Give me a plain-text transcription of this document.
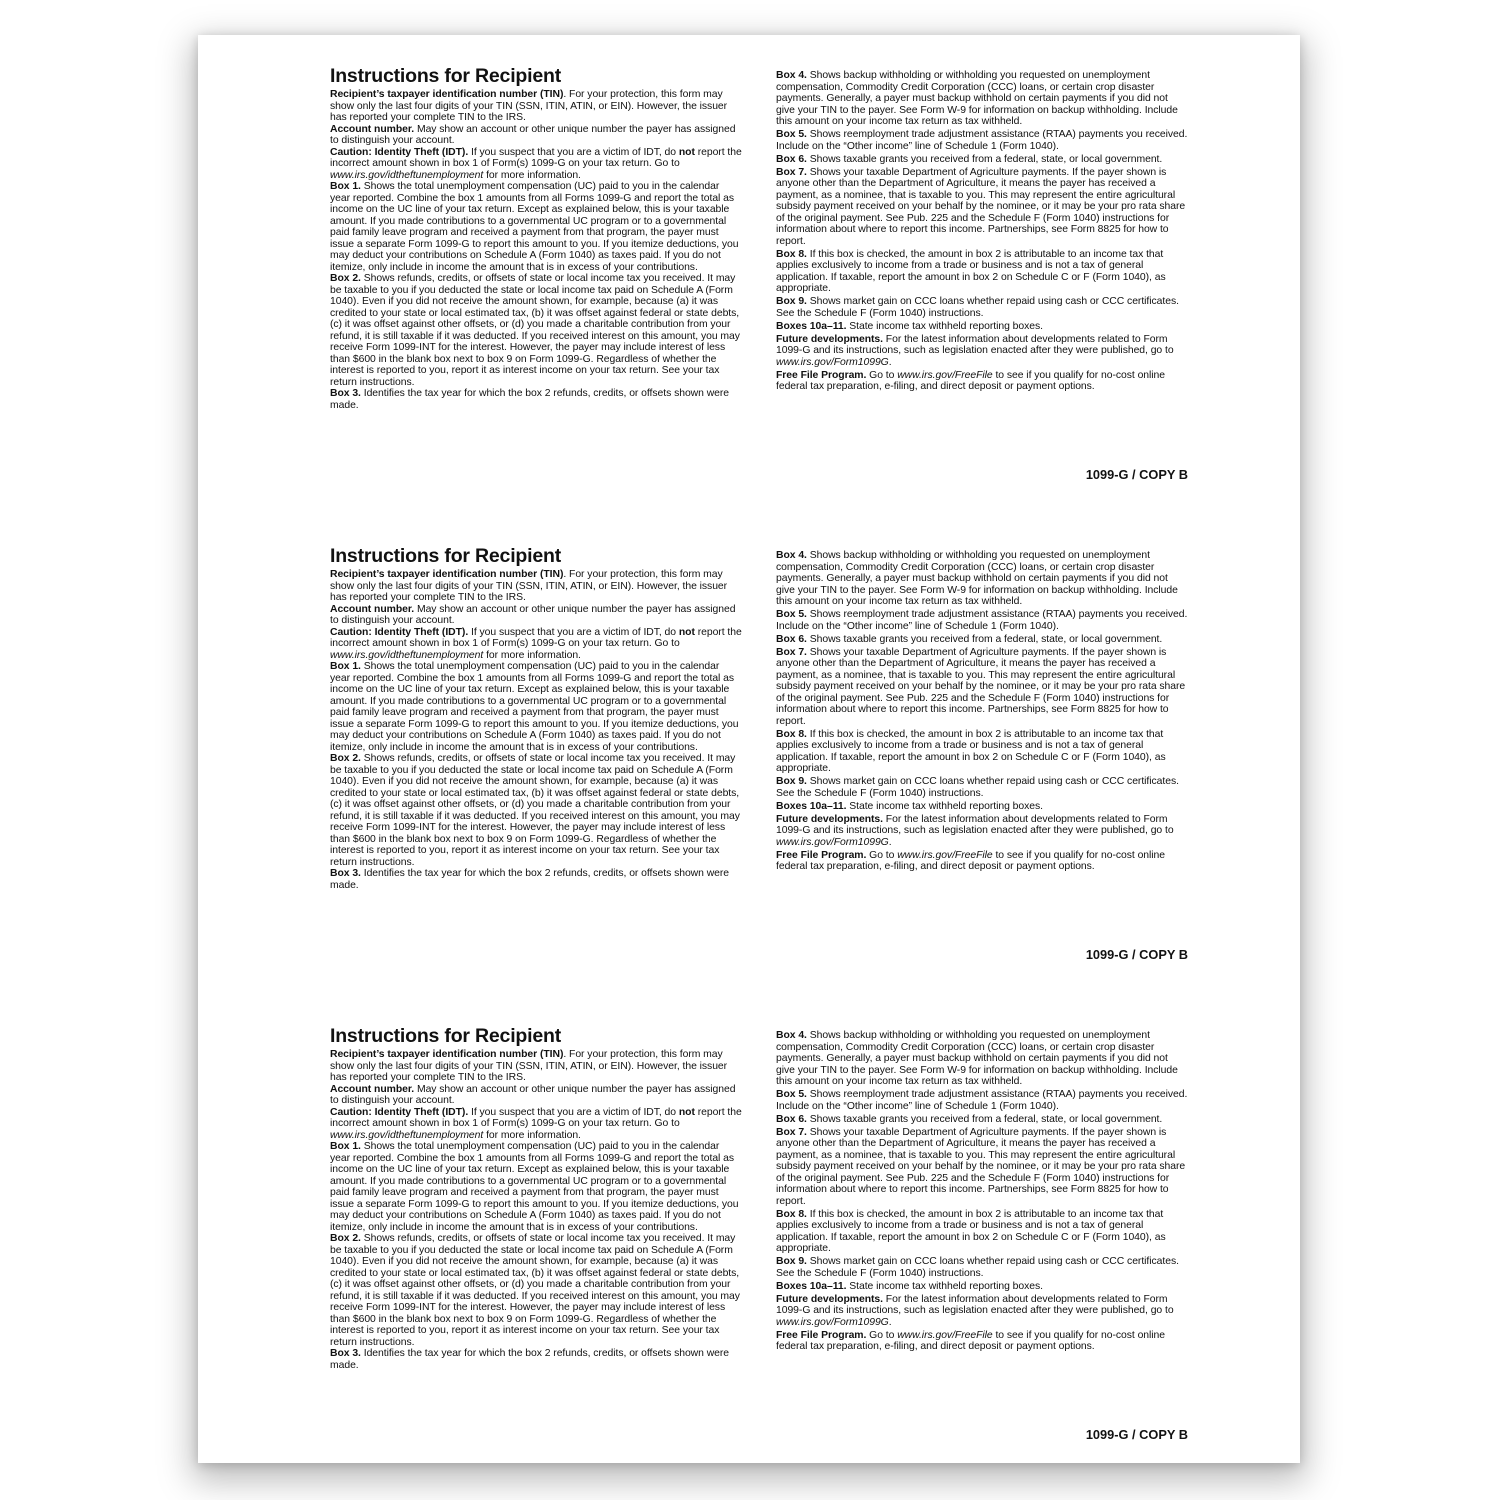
Instructions for Recipient

Recipient’s taxpayer identification number (TIN). For your protection, this form may show only the last four digits of your TIN (SSN, ITIN, ATIN, or EIN). However, the issuer has reported your complete TIN to the IRS.

Account number. May show an account or other unique number the payer has assigned to distinguish your account.

Caution: Identity Theft (IDT). If you suspect that you are a victim of IDT, do not report the incorrect amount shown in box 1 of Form(s) 1099-G on your tax return. Go to www.irs.gov/idtheftunemployment for more information.

Box 1. Shows the total unemployment compensation (UC) paid to you in the calendar year reported. Combine the box 1 amounts from all Forms 1099-G and report the total as income on the UC line of your tax return. Except as explained below, this is your taxable amount. If you made contributions to a governmental UC program or to a governmental paid family leave program and received a payment from that program, the payer must issue a separate Form 1099-G to report this amount to you. If you itemize deductions, you may deduct your contributions on Schedule A (Form 1040) as taxes paid. If you do not itemize, only include in income the amount that is in excess of your contributions.

Box 2. Shows refunds, credits, or offsets of state or local income tax you received. It may be taxable to you if you deducted the state or local income tax paid on Schedule A (Form 1040). Even if you did not receive the amount shown, for example, because (a) it was credited to your state or local estimated tax, (b) it was offset against federal or state debts, (c) it was offset against other offsets, or (d) you made a charitable contribution from your refund, it is still taxable if it was deducted. If you received interest on this amount, you may receive Form 1099-INT for the interest. However, the payer may include interest of less than $600 in the blank box next to box 9 on Form 1099-G. Regardless of whether the interest is reported to you, report it as interest income on your tax return. See your tax return instructions.

Box 3. Identifies the tax year for which the box 2 refunds, credits, or offsets shown were made.

Box 4. Shows backup withholding or withholding you requested on unemployment compensation, Commodity Credit Corporation (CCC) loans, or certain crop disaster payments. Generally, a payer must backup withhold on certain payments if you did not give your TIN to the payer. See Form W-9 for information on backup withholding. Include this amount on your income tax return as tax withheld.

Box 5. Shows reemployment trade adjustment assistance (RTAA) payments you received. Include on the “Other income” line of Schedule 1 (Form 1040).

Box 6. Shows taxable grants you received from a federal, state, or local government.

Box 7. Shows your taxable Department of Agriculture payments. If the payer shown is anyone other than the Department of Agriculture, it means the payer has received a payment, as a nominee, that is taxable to you. This may represent the entire agricultural subsidy payment received on your behalf by the nominee, or it may be your pro rata share of the original payment. See Pub. 225 and the Schedule F (Form 1040) instructions for information about where to report this income. Partnerships, see Form 8825 for how to report.

Box 8. If this box is checked, the amount in box 2 is attributable to an income tax that applies exclusively to income from a trade or business and is not a tax of general application. If taxable, report the amount in box 2 on Schedule C or F (Form 1040), as appropriate.

Box 9. Shows market gain on CCC loans whether repaid using cash or CCC certificates. See the Schedule F (Form 1040) instructions.

Boxes 10a–11. State income tax withheld reporting boxes.

Future developments. For the latest information about developments related to Form 1099-G and its instructions, such as legislation enacted after they were published, go to www.irs.gov/Form1099G.

Free File Program. Go to www.irs.gov/FreeFile to see if you qualify for no-cost online federal tax preparation, e-filing, and direct deposit or payment options.

1099-G / COPY B
Instructions for Recipient

Recipient’s taxpayer identification number (TIN). For your protection, this form may show only the last four digits of your TIN (SSN, ITIN, ATIN, or EIN). However, the issuer has reported your complete TIN to the IRS.

Account number. May show an account or other unique number the payer has assigned to distinguish your account.

Caution: Identity Theft (IDT). If you suspect that you are a victim of IDT, do not report the incorrect amount shown in box 1 of Form(s) 1099-G on your tax return. Go to www.irs.gov/idtheftunemployment for more information.

Box 1. Shows the total unemployment compensation (UC) paid to you in the calendar year reported. Combine the box 1 amounts from all Forms 1099-G and report the total as income on the UC line of your tax return. Except as explained below, this is your taxable amount. If you made contributions to a governmental UC program or to a governmental paid family leave program and received a payment from that program, the payer must issue a separate Form 1099-G to report this amount to you. If you itemize deductions, you may deduct your contributions on Schedule A (Form 1040) as taxes paid. If you do not itemize, only include in income the amount that is in excess of your contributions.

Box 2. Shows refunds, credits, or offsets of state or local income tax you received. It may be taxable to you if you deducted the state or local income tax paid on Schedule A (Form 1040). Even if you did not receive the amount shown, for example, because (a) it was credited to your state or local estimated tax, (b) it was offset against federal or state debts, (c) it was offset against other offsets, or (d) you made a charitable contribution from your refund, it is still taxable if it was deducted. If you received interest on this amount, you may receive Form 1099-INT for the interest. However, the payer may include interest of less than $600 in the blank box next to box 9 on Form 1099-G. Regardless of whether the interest is reported to you, report it as interest income on your tax return. See your tax return instructions.

Box 3. Identifies the tax year for which the box 2 refunds, credits, or offsets shown were made.

Box 4. Shows backup withholding or withholding you requested on unemployment compensation, Commodity Credit Corporation (CCC) loans, or certain crop disaster payments. Generally, a payer must backup withhold on certain payments if you did not give your TIN to the payer. See Form W-9 for information on backup withholding. Include this amount on your income tax return as tax withheld.

Box 5. Shows reemployment trade adjustment assistance (RTAA) payments you received. Include on the “Other income” line of Schedule 1 (Form 1040).

Box 6. Shows taxable grants you received from a federal, state, or local government.

Box 7. Shows your taxable Department of Agriculture payments. If the payer shown is anyone other than the Department of Agriculture, it means the payer has received a payment, as a nominee, that is taxable to you. This may represent the entire agricultural subsidy payment received on your behalf by the nominee, or it may be your pro rata share of the original payment. See Pub. 225 and the Schedule F (Form 1040) instructions for information about where to report this income. Partnerships, see Form 8825 for how to report.

Box 8. If this box is checked, the amount in box 2 is attributable to an income tax that applies exclusively to income from a trade or business and is not a tax of general application. If taxable, report the amount in box 2 on Schedule C or F (Form 1040), as appropriate.

Box 9. Shows market gain on CCC loans whether repaid using cash or CCC certificates. See the Schedule F (Form 1040) instructions.

Boxes 10a–11. State income tax withheld reporting boxes.

Future developments. For the latest information about developments related to Form 1099-G and its instructions, such as legislation enacted after they were published, go to www.irs.gov/Form1099G.

Free File Program. Go to www.irs.gov/FreeFile to see if you qualify for no-cost online federal tax preparation, e-filing, and direct deposit or payment options.

1099-G / COPY B
Instructions for Recipient

Recipient’s taxpayer identification number (TIN). For your protection, this form may show only the last four digits of your TIN (SSN, ITIN, ATIN, or EIN). However, the issuer has reported your complete TIN to the IRS.

Account number. May show an account or other unique number the payer has assigned to distinguish your account.

Caution: Identity Theft (IDT). If you suspect that you are a victim of IDT, do not report the incorrect amount shown in box 1 of Form(s) 1099-G on your tax return. Go to www.irs.gov/idtheftunemployment for more information.

Box 1. Shows the total unemployment compensation (UC) paid to you in the calendar year reported. Combine the box 1 amounts from all Forms 1099-G and report the total as income on the UC line of your tax return. Except as explained below, this is your taxable amount. If you made contributions to a governmental UC program or to a governmental paid family leave program and received a payment from that program, the payer must issue a separate Form 1099-G to report this amount to you. If you itemize deductions, you may deduct your contributions on Schedule A (Form 1040) as taxes paid. If you do not itemize, only include in income the amount that is in excess of your contributions.

Box 2. Shows refunds, credits, or offsets of state or local income tax you received. It may be taxable to you if you deducted the state or local income tax paid on Schedule A (Form 1040). Even if you did not receive the amount shown, for example, because (a) it was credited to your state or local estimated tax, (b) it was offset against federal or state debts, (c) it was offset against other offsets, or (d) you made a charitable contribution from your refund, it is still taxable if it was deducted. If you received interest on this amount, you may receive Form 1099-INT for the interest. However, the payer may include interest of less than $600 in the blank box next to box 9 on Form 1099-G. Regardless of whether the interest is reported to you, report it as interest income on your tax return. See your tax return instructions.

Box 3. Identifies the tax year for which the box 2 refunds, credits, or offsets shown were made.

Box 4. Shows backup withholding or withholding you requested on unemployment compensation, Commodity Credit Corporation (CCC) loans, or certain crop disaster payments. Generally, a payer must backup withhold on certain payments if you did not give your TIN to the payer. See Form W-9 for information on backup withholding. Include this amount on your income tax return as tax withheld.

Box 5. Shows reemployment trade adjustment assistance (RTAA) payments you received. Include on the “Other income” line of Schedule 1 (Form 1040).

Box 6. Shows taxable grants you received from a federal, state, or local government.

Box 7. Shows your taxable Department of Agriculture payments. If the payer shown is anyone other than the Department of Agriculture, it means the payer has received a payment, as a nominee, that is taxable to you. This may represent the entire agricultural subsidy payment received on your behalf by the nominee, or it may be your pro rata share of the original payment. See Pub. 225 and the Schedule F (Form 1040) instructions for information about where to report this income. Partnerships, see Form 8825 for how to report.

Box 8. If this box is checked, the amount in box 2 is attributable to an income tax that applies exclusively to income from a trade or business and is not a tax of general application. If taxable, report the amount in box 2 on Schedule C or F (Form 1040), as appropriate.

Box 9. Shows market gain on CCC loans whether repaid using cash or CCC certificates. See the Schedule F (Form 1040) instructions.

Boxes 10a–11. State income tax withheld reporting boxes.

Future developments. For the latest information about developments related to Form 1099-G and its instructions, such as legislation enacted after they were published, go to www.irs.gov/Form1099G.

Free File Program. Go to www.irs.gov/FreeFile to see if you qualify for no-cost online federal tax preparation, e-filing, and direct deposit or payment options.

1099-G / COPY B
